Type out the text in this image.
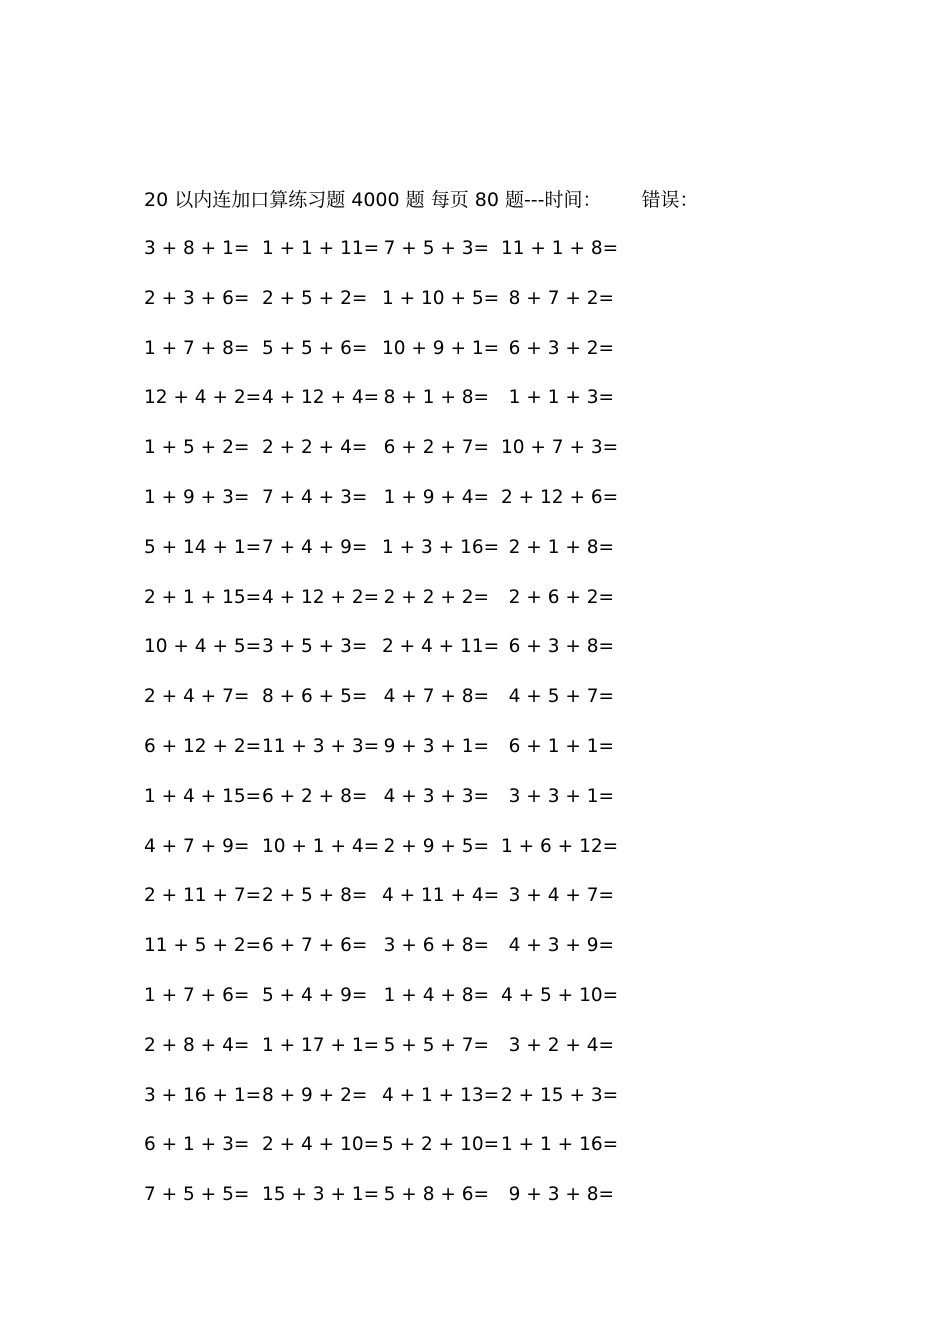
20 以内连加口算练习题 4000 题 每页 80 题---时间： 错误：
3 + 8 + 1= 1 + 1 + 11= 7 + 5 + 3= 11 + 1 + 8=
2 + 3 + 6= 2 + 5 + 2= 1 + 10 + 5= 8 + 7 + 2=
1 + 7 + 8= 5 + 5 + 6= 10 + 9 + 1= 6 + 3 + 2=
12 + 4 + 2= 4 + 12 + 4= 8 + 1 + 8=	1 + 1 + 3=
1 + 5 + 2= 2 + 2 + 4= 6 + 2 + 7= 10 + 7 + 3=
1 + 9 + 3= 7 + 4 + 3= 1 + 9 + 4= 2 + 12 + 6=
5 + 14 + 1= 7 + 4 + 9= 1 + 3 + 16= 2 + 1 + 8=
2 + 1 + 15= 4 + 12 + 2= 2 + 2 + 2=	2 + 6 + 2=
10 + 4 + 5= 3 + 5 + 3= 2 + 4 + 11= 6 + 3 + 8=
2 + 4 + 7= 8 + 6 + 5= 4 + 7 + 8=	4 + 5 + 7=
6 + 12 + 2= 11 + 3 + 3= 9 + 3 + 1=	6 + 1 + 1=
1 + 4 + 15= 6 + 2 + 8= 4 + 3 + 3=	3 + 3 + 1=
4 + 7 + 9= 10 + 1 + 4= 2 + 9 + 5= 1 + 6 + 12=
2 + 11 + 7= 2 + 5 + 8= 4 + 11 + 4= 3 + 4 + 7=
11 + 5 + 2= 6 + 7 + 6= 3 + 6 + 8=	4 + 3 + 9=
1 + 7 + 6= 5 + 4 + 9= 1 + 4 + 8= 4 + 5 + 10=
2 + 8 + 4= 1 + 17 + 1= 5 + 5 + 7=	3 + 2 + 4=
3 + 16 + 1= 8 + 9 + 2= 4 + 1 + 13= 2 + 15 + 3=
6 + 1 + 3= 2 + 4 + 10= 5 + 2 + 10= 1 + 1 + 16=
7 + 5 + 5= 15 + 3 + 1= 5 + 8 + 6=	9 + 3 + 8=
